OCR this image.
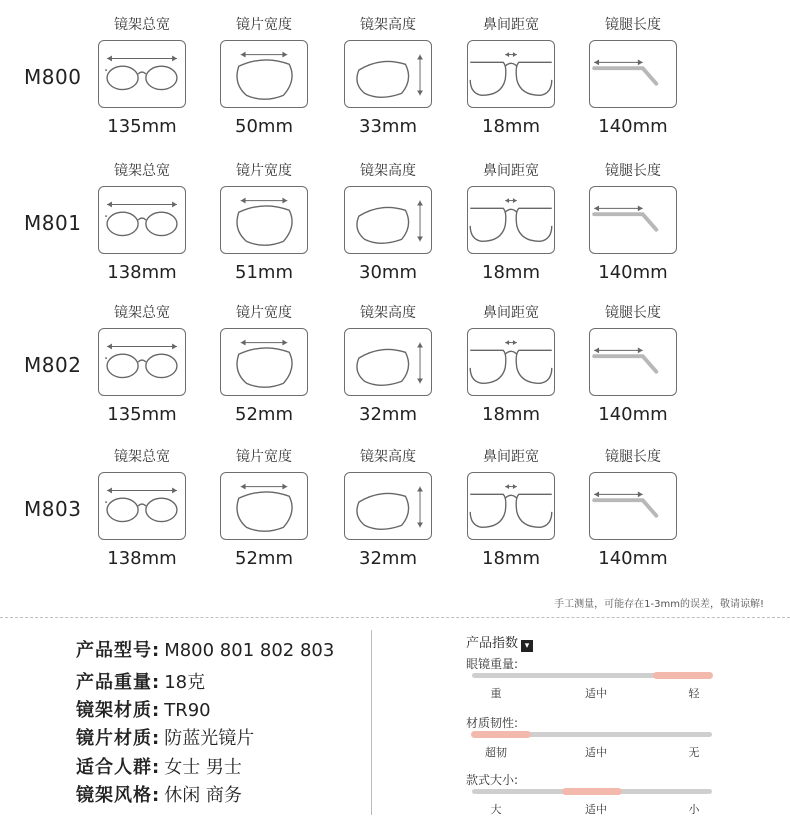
M800
镜架总宽
135mm
镜片宽度
50mm
镜架高度
33mm
鼻间距宽
18mm
镜腿长度
140mm
M801
镜架总宽
138mm
镜片宽度
51mm
镜架高度
30mm
鼻间距宽
18mm
镜腿长度
140mm
M802
镜架总宽
135mm
镜片宽度
52mm
镜架高度
32mm
鼻间距宽
18mm
镜腿长度
140mm
M803
镜架总宽
138mm
镜片宽度
52mm
镜架高度
32mm
鼻间距宽
18mm
镜腿长度
140mm
手工测量，可能存在1-3mm的误差，敬请谅解!
产品型号: M800 801 802 803
产品重量: 18克
镜架材质: TR90
镜片材质: 防蓝光镜片
适合人群: 女士 男士
镜架风格: 休闲 商务
产品指数 ▾
眼镜重量:
重	适中	轻
材质韧性:
超韧	适中	无
款式大小:
大	适中	小
